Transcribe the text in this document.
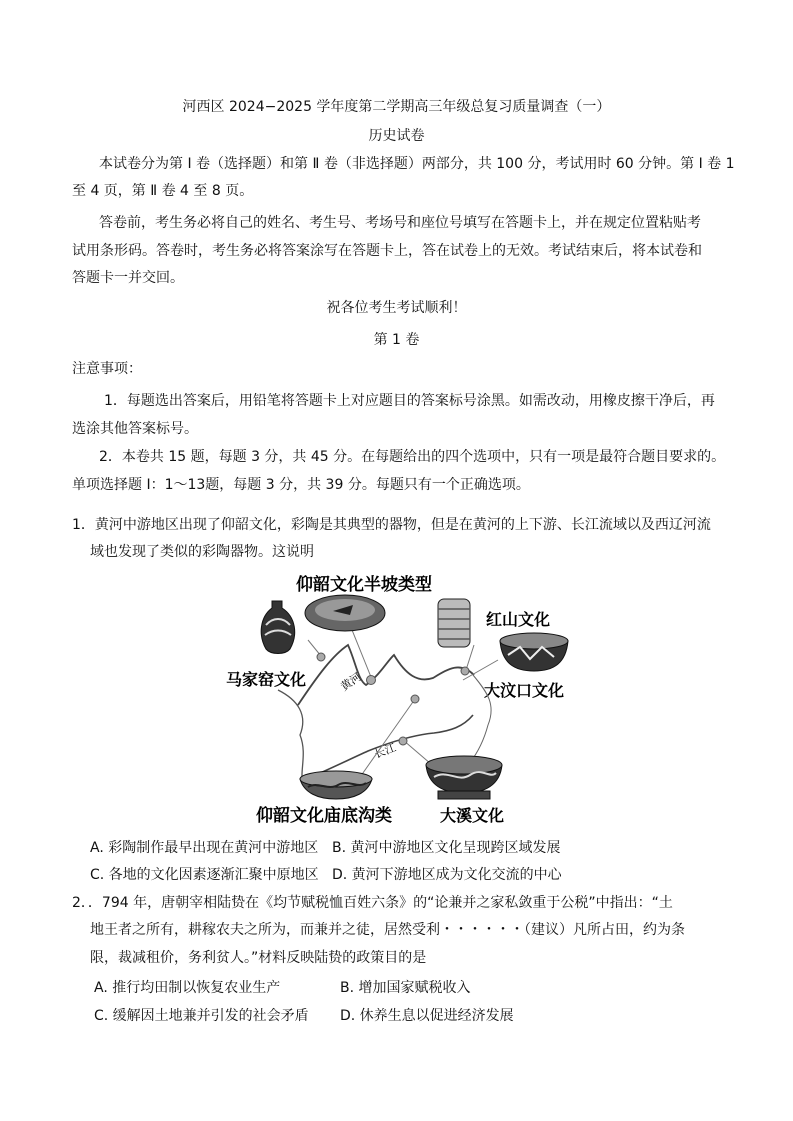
河西区 2024−2025 学年度第二学期高三年级总复习质量调查（一）
历史试卷
本试卷分为第 Ⅰ 卷（选择题）和第 Ⅱ 卷（非选择题）两部分，共 100 分，考试用时 60 分钟。第 Ⅰ 卷 1
至 4 页，第 Ⅱ 卷 4 至 8 页。
答卷前，考生务必将自己的姓名、考生号、考场号和座位号填写在答题卡上，并在规定位置粘贴考
试用条形码。答卷时，考生务必将答案涂写在答题卡上，答在试卷上的无效。考试结束后，将本试卷和
答题卡一并交回。
祝各位考生考试顺利！
第 1 卷
注意事项：
1．每题选出答案后，用铅笔将答题卡上对应题目的答案标号涂黑。如需改动，用橡皮擦干净后，再
选涂其他答案标号。
2．本卷共 15 题，每题 3 分，共 45 分。在每题给出的四个选项中，只有一项是最符合题目要求的。
单项选择题 Ⅰ：1～13题，每题 3 分，共 39 分。每题只有一个正确选项。
1．黄河中游地区出现了仰韶文化，彩陶是其典型的器物，但是在黄河的上下游、长江流域以及西辽河流
域也发现了类似的彩陶器物。这说明
仰韶文化半坡类型
红山文化
马家窑文化
大汶口文化
黄河
长江
仰韶文化庙底沟类	大溪文化
A. 彩陶制作最早出现在黄河中游地区 B. 黄河中游地区文化呈现跨区域发展
C. 各地的文化因素逐渐汇聚中原地区 D. 黄河下游地区成为文化交流的中心
2．．794 年，唐朝宰相陆贽在《均节赋税恤百姓六条》的“论兼并之家私敛重于公税”中指出：“土
地王者之所有，耕稼农夫之所为，而兼并之徒，居然受利・・・・・・（建议）凡所占田，约为条
限，裁减租价，务利贫人。”材料反映陆贽的政策目的是
A. 推行均田制以恢复农业生产	B. 增加国家赋税收入
C. 缓解因土地兼并引发的社会矛盾 D. 休养生息以促进经济发展
